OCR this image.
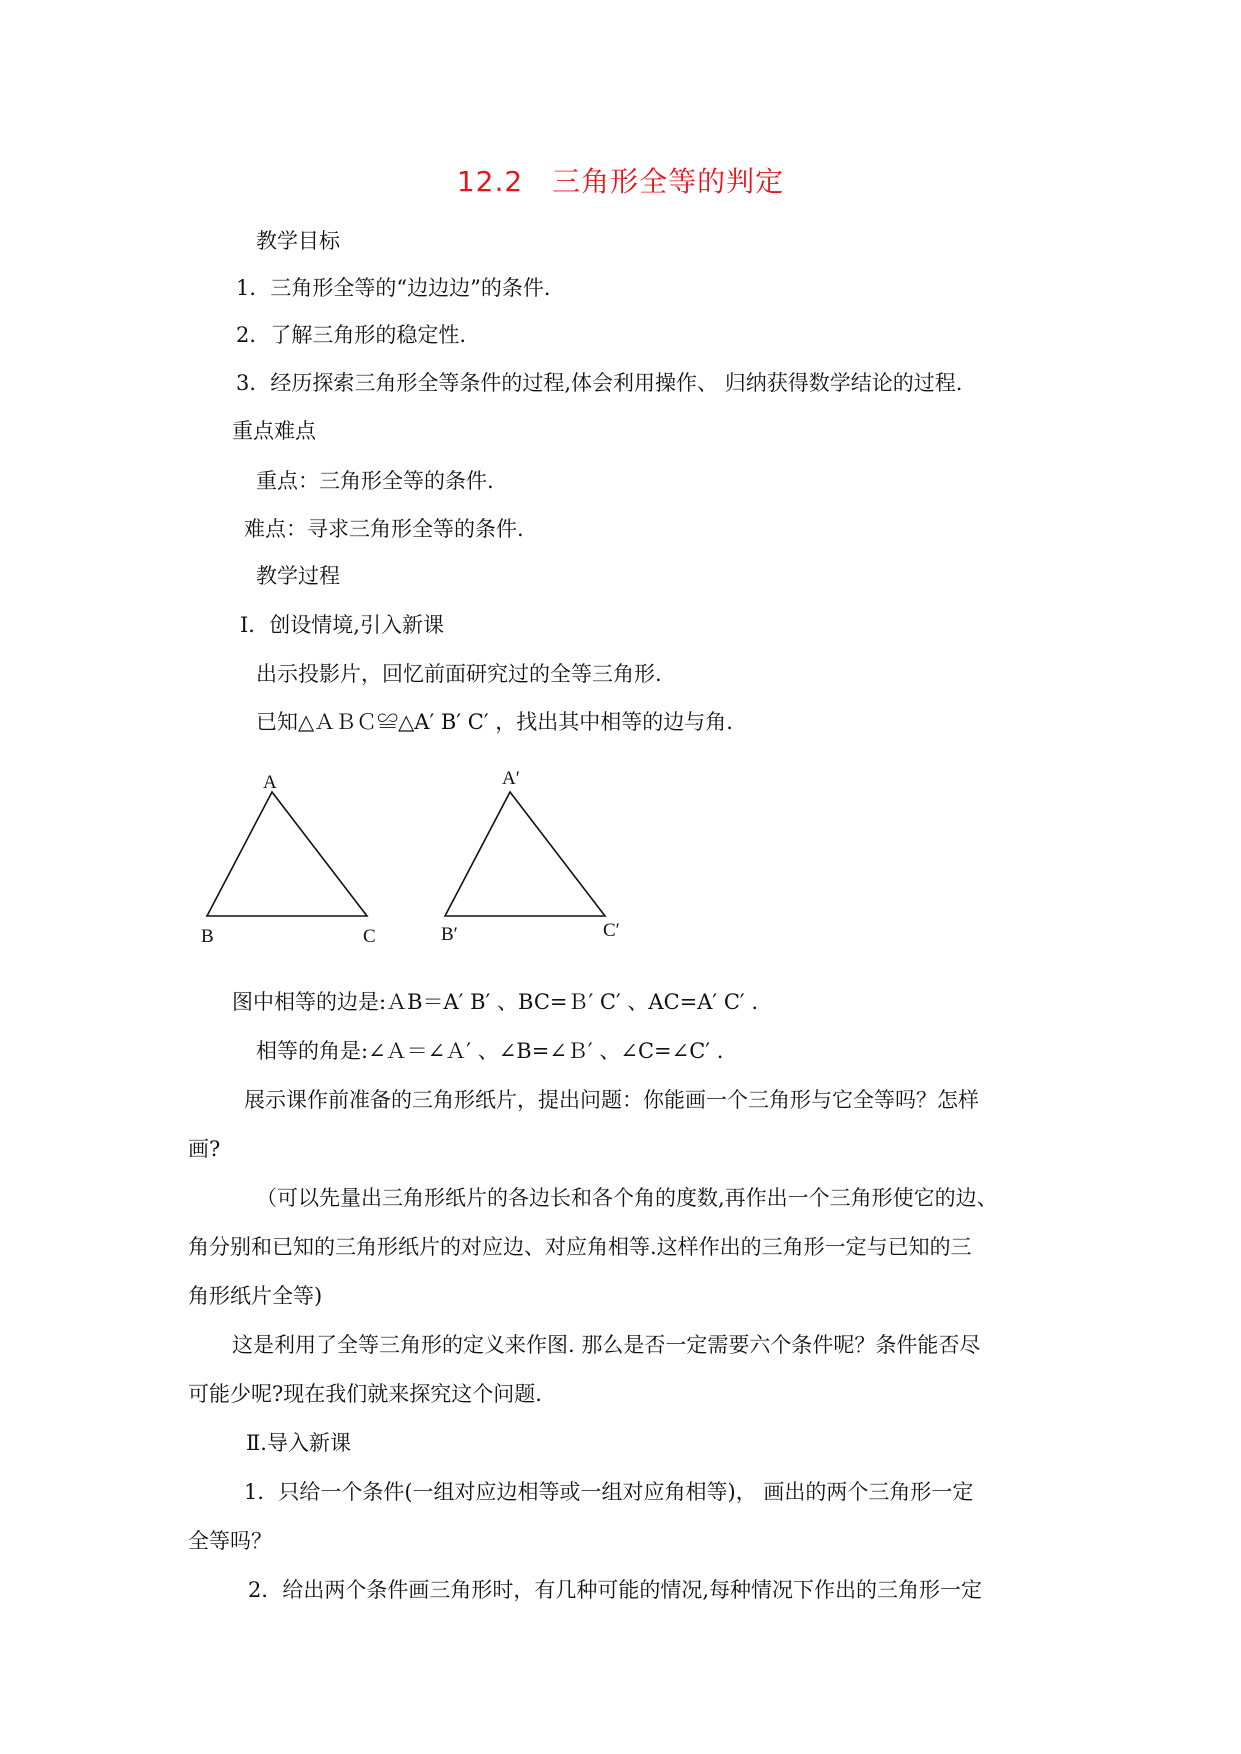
12.2　三角形全等的判定
教学目标
1．三角形全等的“边边边”的条件.
2．了解三角形的稳定性.
3．经历探索三角形全等条件的过程,体会利用操作、 归纳获得数学结论的过程.
重点难点
重点：三角形全等的条件.
难点：寻求三角形全等的条件.
教学过程
Ⅰ．创设情境,引入新课
出示投影片，回忆前面研究过的全等三角形.
已知△ＡＢＣ≌△A′ B′ C′ ，找出其中相等的边与角.
A
B	C
A′
B′	C′
图中相等的边是:ＡB＝A′ B′ 、BC=Ｂ′ C′ 、AC=A′ C′ .
相等的角是:∠Ａ＝∠Ａ′ 、∠B=∠Ｂ′ 、∠C=∠C′ .
展示课作前准备的三角形纸片，提出问题：你能画一个三角形与它全等吗？怎样
画?
（可以先量出三角形纸片的各边长和各个角的度数,再作出一个三角形使它的边、
角分别和已知的三角形纸片的对应边、对应角相等.这样作出的三角形一定与已知的三
角形纸片全等)
这是利用了全等三角形的定义来作图. 那么是否一定需要六个条件呢？条件能否尽
可能少呢?现在我们就来探究这个问题.
Ⅱ.导入新课
1．只给一个条件(一组对应边相等或一组对应角相等)， 画出的两个三角形一定
全等吗？
2．给出两个条件画三角形时，有几种可能的情况,每种情况下作出的三角形一定
